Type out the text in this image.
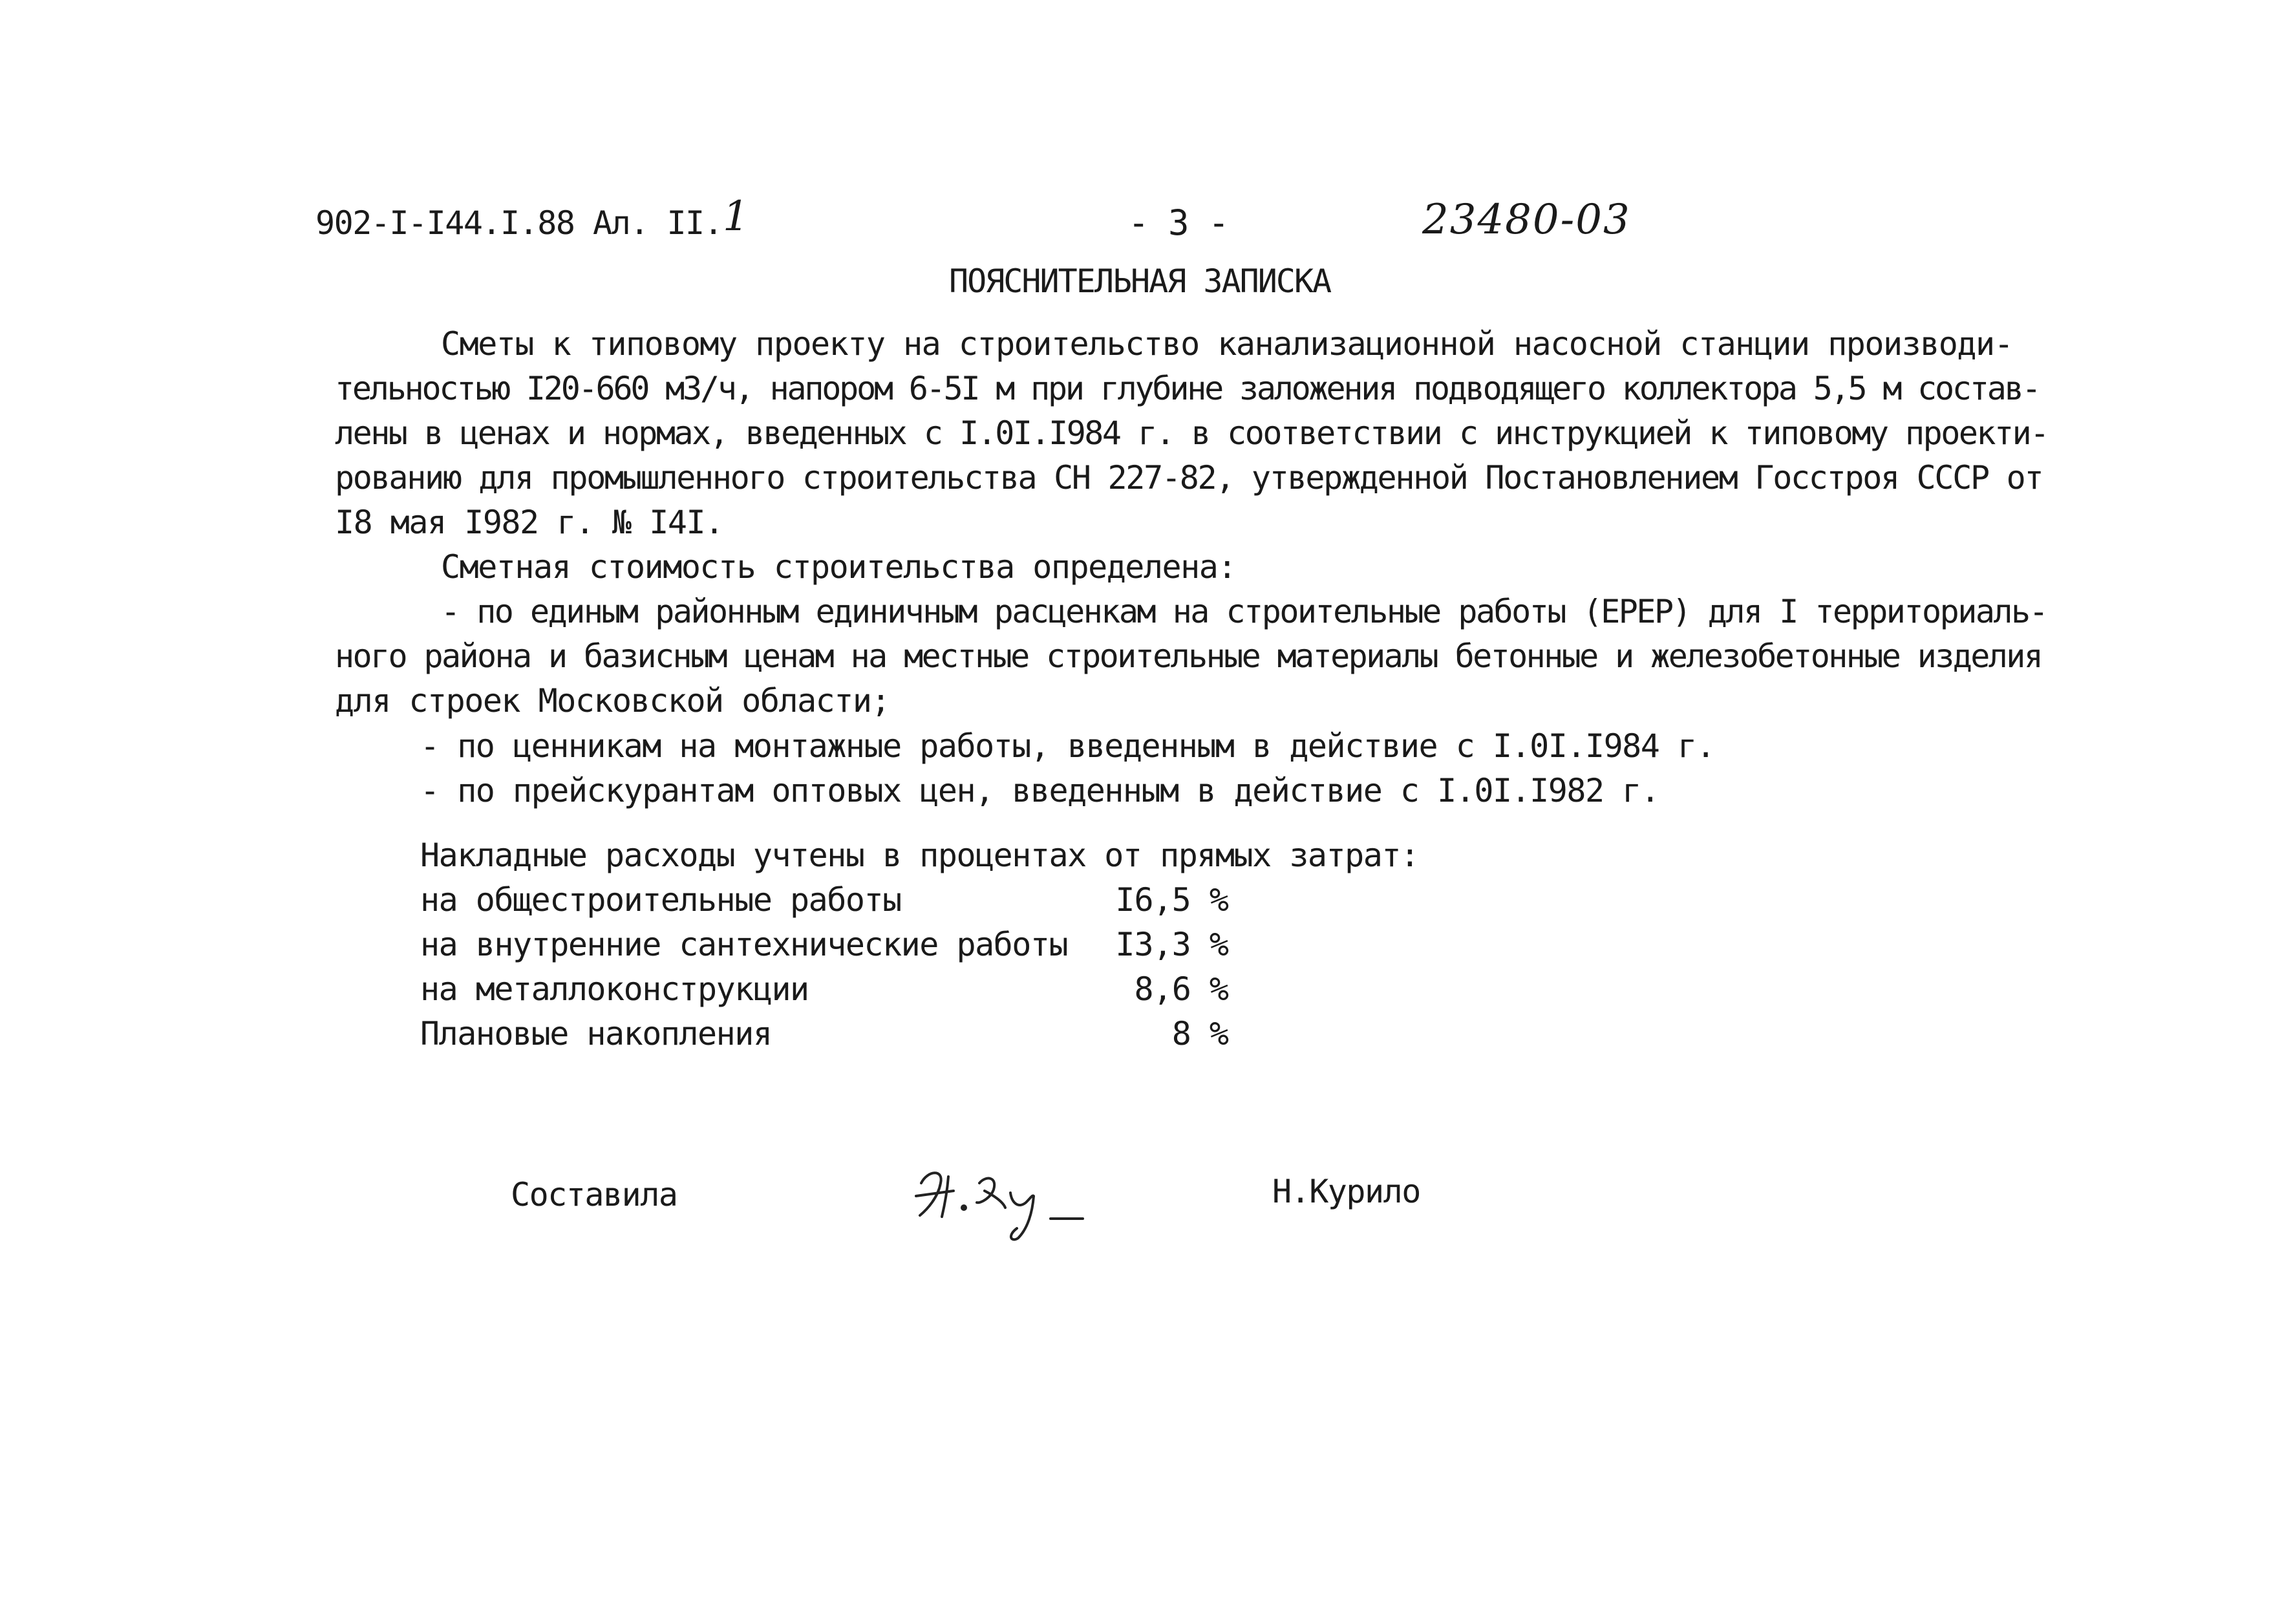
902-I-I44.I.88 Ал. II. 1	- 3 -	23480-03
ПОЯСНИТЕЛЬНАЯ ЗАПИСКА
Сметы к типовому проекту на строительство канализационной насосной станции производи-
тельностью I20-660 м3/ч, напором 6-5I м при глубине заложения подводящего коллектора 5,5 м состав-
лены в ценах и нормах, введенных с I.0I.I984 г. в соответствии с инструкцией к типовому проекти-
рованию для промышленного строительства СН 227-82, утвержденной Постановлением Госстроя СССР от
I8 мая I982 г. № I4I.
Сметная стоимость строительства определена:
- по единым районным единичным расценкам на строительные работы (ЕРЕР) для I территориаль-
ного района и базисным ценам на местные строительные материалы бетонные и железобетонные изделия
для строек Московской области;
- по ценникам на монтажные работы, введенным в действие с I.0I.I984 г.
- по прейскурантам оптовых цен, введенным в действие с I.0I.I982 г.
Накладные расходы учтены в процентах от прямых затрат:
на общестроительные работы	I6,5 %
на внутренние сантехнические работы	I3,3 %
на металлоконструкции	8,6 %
Плановые накопления	8 %
Составила	Н.Курило
